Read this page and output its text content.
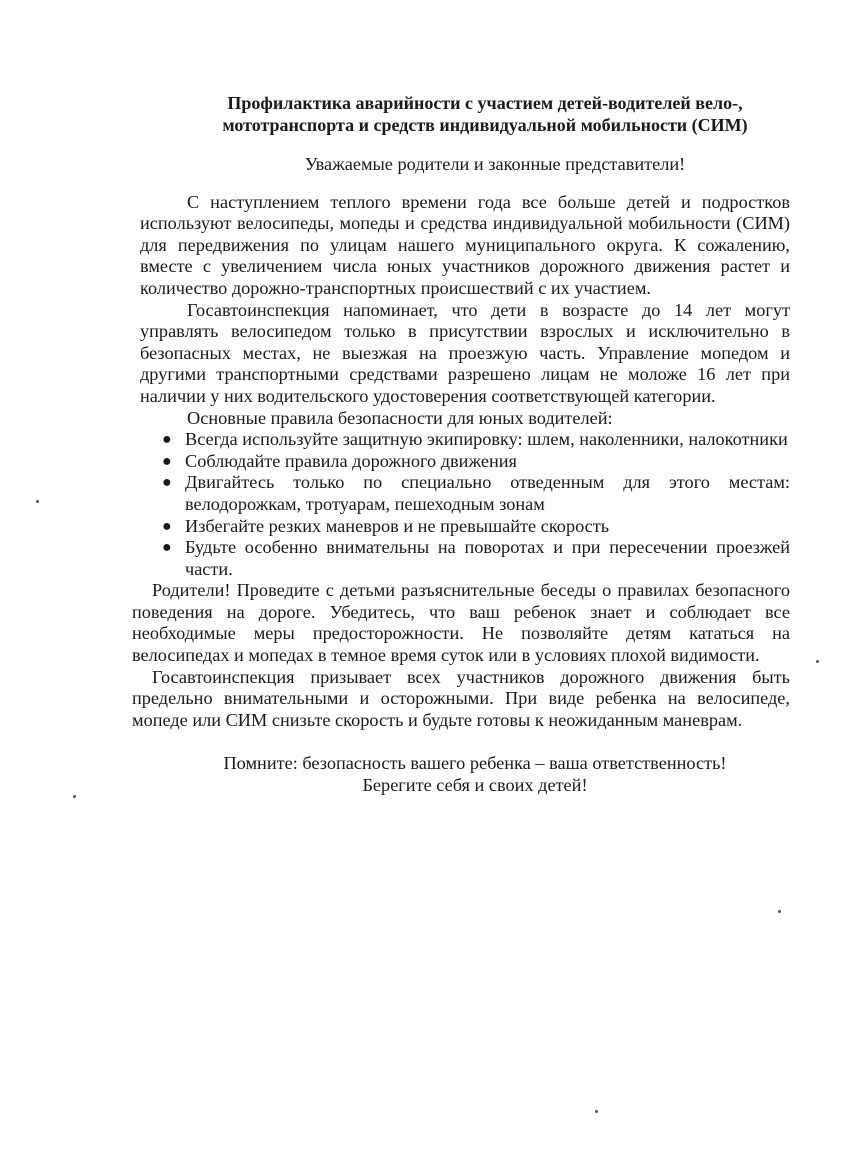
Профилактика аварийности с участием детей-водителей вело-,
мототранспорта и средств индивидуальной мобильности (СИМ)
Уважаемые родители и законные представители!

С наступлением теплого времени года все больше детей и подростков используют велосипеды, мопеды и средства индивидуальной мобильности (СИМ) для передвижения по улицам нашего муниципального округа. К сожалению, вместе с увеличением числа юных участников дорожного движения растет и количество дорожно-транспортных происшествий с их участием.

Госавтоинспекция напоминает, что дети в возрасте до 14 лет могут управлять велосипедом только в присутствии взрослых и исключительно в безопасных местах, не выезжая на проезжую часть. Управление мопедом и другими транспортными средствами разрешено лицам не моложе 16 лет при наличии у них водительского удостоверения соответствующей категории.

Основные правила безопасности для юных водителей:
● Всегда используйте защитную экипировку: шлем, наколенники, налокотники
● Соблюдайте правила дорожного движения
● Двигайтесь только по специально отведенным для этого местам: велодорожкам, тротуарам, пешеходным зонам
● Избегайте резких маневров и не превышайте скорость
● Будьте особенно внимательны на поворотах и при пересечении проезжей части.

Родители! Проведите с детьми разъяснительные беседы о правилах безопасного поведения на дороге. Убедитесь, что ваш ребенок знает и соблюдает все необходимые меры предосторожности. Не позволяйте детям кататься на велосипедах и мопедах в темное время суток или в условиях плохой видимости.

Госавтоинспекция призывает всех участников дорожного движения быть предельно внимательными и осторожными. При виде ребенка на велосипеде, мопеде или СИМ снизьте скорость и будьте готовы к неожиданным маневрам.

Помните: безопасность вашего ребенка – ваша ответственность!
Берегите себя и своих детей!
